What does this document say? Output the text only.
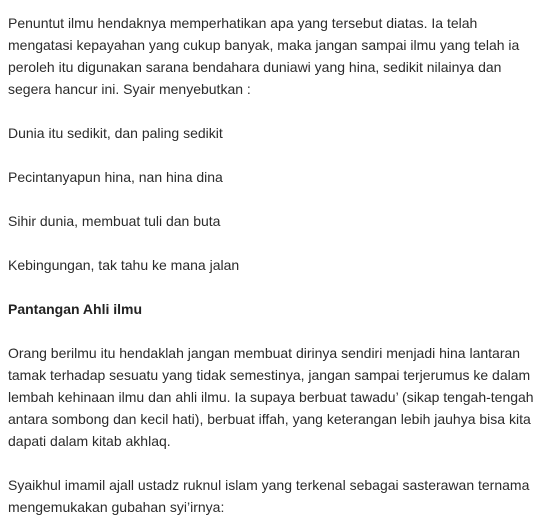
Penuntut ilmu hendaknya memperhatikan apa yang tersebut diatas. Ia telah mengatasi kepayahan yang cukup banyak, maka jangan sampai ilmu yang telah ia peroleh itu digunakan sarana bendahara duniawi yang hina, sedikit nilainya dan segera hancur ini. Syair menyebutkan :

Dunia itu sedikit, dan paling sedikit

Pecintanyapun hina, nan hina dina

Sihir dunia, membuat tuli dan buta

Kebingungan, tak tahu ke mana jalan

Pantangan Ahli ilmu

Orang berilmu itu hendaklah jangan membuat dirinya sendiri menjadi hina lantaran tamak terhadap sesuatu yang tidak semestinya, jangan sampai terjerumus ke dalam lembah kehinaan ilmu dan ahli ilmu. Ia supaya berbuat tawadu’ (sikap tengah-tengah antara sombong dan kecil hati), berbuat iffah, yang keterangan lebih jauhya bisa kita dapati dalam kitab akhlaq.

Syaikhul imamil ajall ustadz ruknul islam yang terkenal sebagai sasterawan ternama mengemukakan gubahan syi’irnya:
